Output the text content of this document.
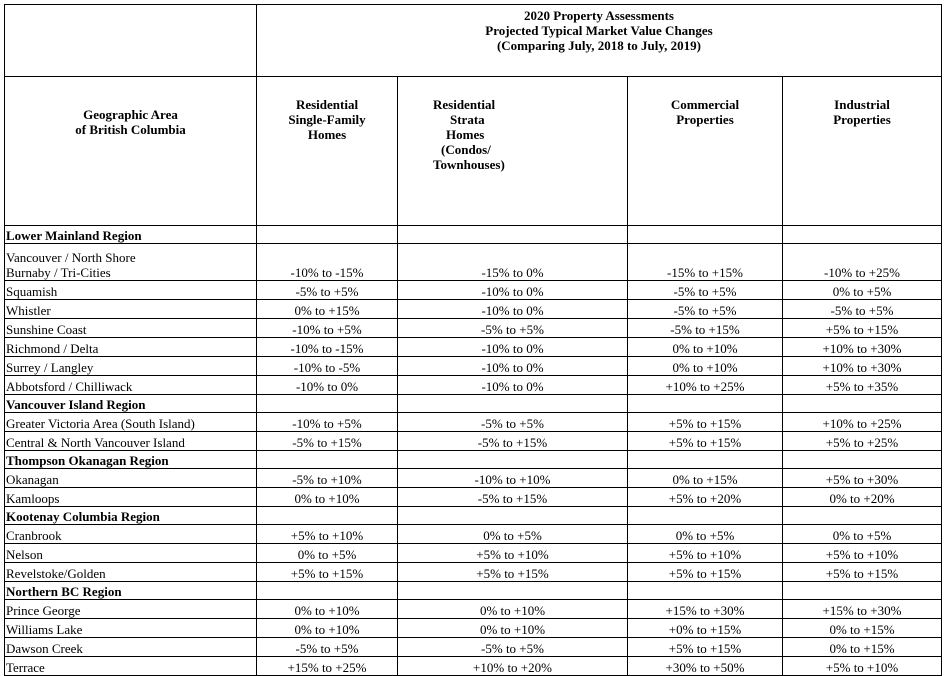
	2020 Property Assessments
Projected Typical Market Value Changes
(Comparing July, 2018 to July, 2019)			

Geographic Area
of British Columbia	Residential
Single-Family
Homes	Residential
Strata
Homes
(Condos/
Townhouses)	Commercial
Properties	Industrial
Properties

Lower Mainland Region				

Vancouver / North Shore
Burnaby / Tri-Cities	-10% to -15%	-15% to 0%	-15% to +15%	-10% to +25%

Squamish	-5% to +5%	-10% to 0%	-5% to +5%	0% to +5%

Whistler	0% to +15%	-10% to 0%	-5% to +5%	-5% to +5%

Sunshine Coast	-10% to +5%	-5% to +5%	-5% to +15%	+5% to +15%

Richmond / Delta	-10% to -15%	-10% to 0%	0% to +10%	+10% to +30%

Surrey / Langley	-10% to -5%	-10% to 0%	0% to +10%	+10% to +30%

Abbotsford / Chilliwack	-10% to 0%	-10% to 0%	+10% to +25%	+5% to +35%
Vancouver Island Region				

Greater Victoria Area (South Island)	-10% to +5%	-5% to +5%	+5% to +15%	+10% to +25%

Central & North Vancouver Island	-5% to +15%	-5% to +15%	+5% to +15%	+5% to +25%
Thompson Okanagan Region				

Okanagan	-5% to +10%	-10% to +10%	0% to +15%	+5% to +30%

Kamloops	0% to +10%	-5% to +15%	+5% to +20%	0% to +20%
Kootenay Columbia Region				

Cranbrook	+5% to +10%	0% to +5%	0% to +5%	0% to +5%

Nelson	0% to +5%	+5% to +10%	+5% to +10%	+5% to +10%

Revelstoke/Golden	+5% to +15%	+5% to +15%	+5% to +15%	+5% to +15%
Northern BC Region				

Prince George	0% to +10%	0% to +10%	+15% to +30%	+15% to +30%

Williams Lake	0% to +10%	0% to +10%	+0% to +15%	0% to +15%

Dawson Creek	-5% to +5%	-5% to +5%	+5% to +15%	0% to +15%

Terrace	+15% to +25%	+10% to +20%	+30% to +50%	+5% to +10%
